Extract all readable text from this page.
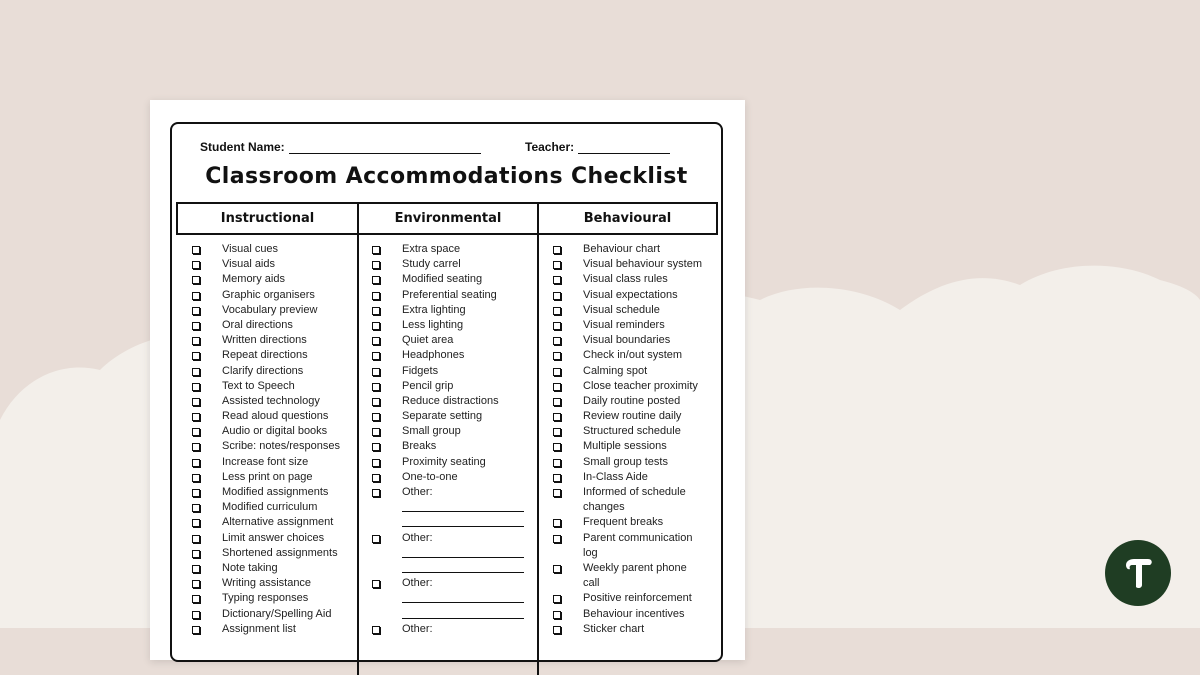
Student Name:	Teacher:
Classroom Accommodations Checklist
Instructional	Environmental	Behavioural
Visual cues
Visual aids
Memory aids
Graphic organisers
Vocabulary preview
Oral directions
Written directions
Repeat directions
Clarify directions
Text to Speech
Assisted technology
Read aloud questions
Audio or digital books
Scribe: notes/responses
Increase font size
Less print on page
Modified assignments
Modified curriculum
Alternative assignment
Limit answer choices
Shortened assignments
Note taking
Writing assistance
Typing responses
Dictionary/Spelling Aid
Assignment list
Extra space
Study carrel
Modified seating
Preferential seating
Extra lighting
Less lighting
Quiet area
Headphones
Fidgets
Pencil grip
Reduce distractions
Separate setting
Small group
Breaks
Proximity seating
One-to-one
Other:
Other:
Other:
Other:
Behaviour chart
Visual behaviour system
Visual class rules
Visual expectations
Visual schedule
Visual reminders
Visual boundaries
Check in/out system
Calming spot
Close teacher proximity
Daily routine posted
Review routine daily
Structured schedule
Multiple sessions
Small group tests
In-Class Aide
Informed of schedule
changes
Frequent breaks
Parent communication
log
Weekly parent phone
call
Positive reinforcement
Behaviour incentives
Sticker chart
